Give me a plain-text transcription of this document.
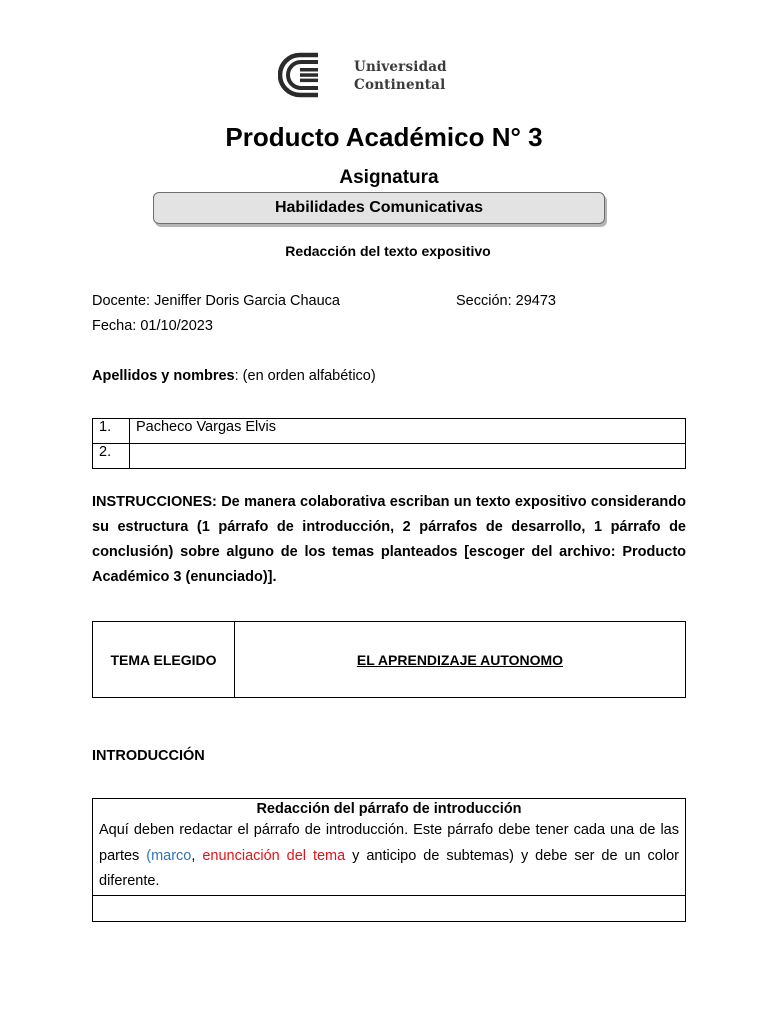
Universidad
Continental
Producto Académico N° 3
Asignatura
Habilidades Comunicativas
Redacción del texto expositivo
Docente: Jeniffer Doris Garcia Chauca	Sección: 29473
Fecha: 01/10/2023
Apellidos y nombres: (en orden alfabético)
1.	Pacheco Vargas Elvis
2.	
INSTRUCCIONES: De manera colaborativa escriban un texto expositivo considerando su estructura (1 párrafo de introducción, 2 párrafos de desarrollo, 1 párrafo de conclusión) sobre alguno de los temas planteados [escoger del archivo: Producto Académico 3 (enunciado)].
TEMA ELEGIDO	EL APRENDIZAJE AUTONOMO
INTRODUCCIÓN
Redacción del párrafo de introducción
Aquí deben redactar el párrafo de introducción. Este párrafo debe tener cada una de las partes (marco, enunciación del tema y anticipo de subtemas) y debe ser de un color diferente.
